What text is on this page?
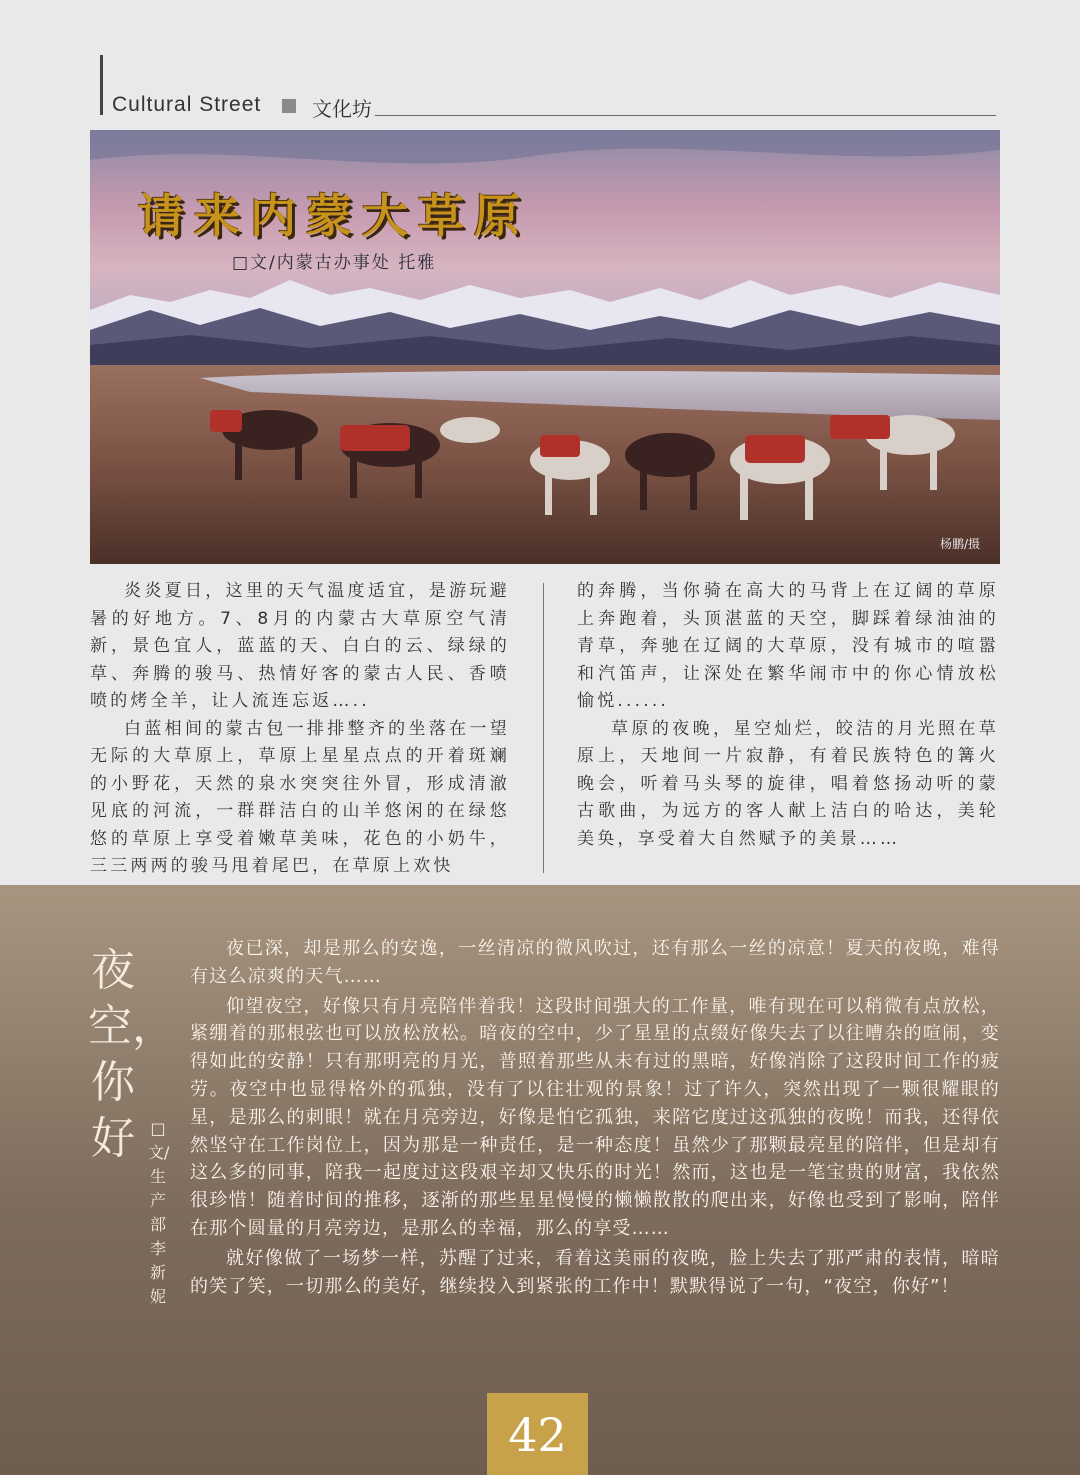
Cultural Street	文化坊
请来内蒙大草原
□文/内蒙古办事处 托雅
杨鹏/摄

炎炎夏日，这里的天气温度适宜，是游玩避暑的好地方。7、8月的内蒙古大草原空气清新，景色宜人，蓝蓝的天、白白的云、绿绿的草、奔腾的骏马、热情好客的蒙古人民、香喷喷的烤全羊，让人流连忘返…..

白蓝相间的蒙古包一排排整齐的坐落在一望无际的大草原上，草原上星星点点的开着斑斓的小野花，天然的泉水突突往外冒，形成清澈见底的河流，一群群洁白的山羊悠闲的在绿悠悠的草原上享受着嫩草美味，花色的小奶牛，三三两两的骏马甩着尾巴，在草原上欢快

的奔腾，当你骑在高大的马背上在辽阔的草原上奔跑着，头顶湛蓝的天空，脚踩着绿油油的青草，奔驰在辽阔的大草原，没有城市的喧嚣和汽笛声，让深处在繁华闹市中的你心情放松愉悦......

草原的夜晚，星空灿烂，皎洁的月光照在草原上，天地间一片寂静，有着民族特色的篝火晚会，听着马头琴的旋律，唱着悠扬动听的蒙古歌曲，为远方的客人献上洁白的哈达，美轮美奂，享受着大自然赋予的美景……

夜空，你好 □文/生产部 李新妮

夜已深，却是那么的安逸，一丝清凉的微风吹过，还有那么一丝的凉意！夏天的夜晚，难得有这么凉爽的天气……

仰望夜空，好像只有月亮陪伴着我！这段时间强大的工作量，唯有现在可以稍微有点放松，紧绷着的那根弦也可以放松放松。暗夜的空中，少了星星的点缀好像失去了以往嘈杂的喧闹，变得如此的安静！只有那明亮的月光，普照着那些从未有过的黑暗，好像消除了这段时间工作的疲劳。夜空中也显得格外的孤独，没有了以往壮观的景象！过了许久，突然出现了一颗很耀眼的星，是那么的刺眼！就在月亮旁边，好像是怕它孤独，来陪它度过这孤独的夜晚！而我，还得依然坚守在工作岗位上，因为那是一种责任，是一种态度！虽然少了那颗最亮星的陪伴，但是却有这么多的同事，陪我一起度过这段艰辛却又快乐的时光！然而，这也是一笔宝贵的财富，我依然很珍惜！随着时间的推移，逐渐的那些星星慢慢的懒懒散散的爬出来，好像也受到了影响，陪伴在那个圆量的月亮旁边，是那么的幸福，那么的享受……

就好像做了一场梦一样，苏醒了过来，看着这美丽的夜晚，脸上失去了那严肃的表情，暗暗的笑了笑，一切那么的美好，继续投入到紧张的工作中！默默得说了一句，“夜空，你好”！

42
